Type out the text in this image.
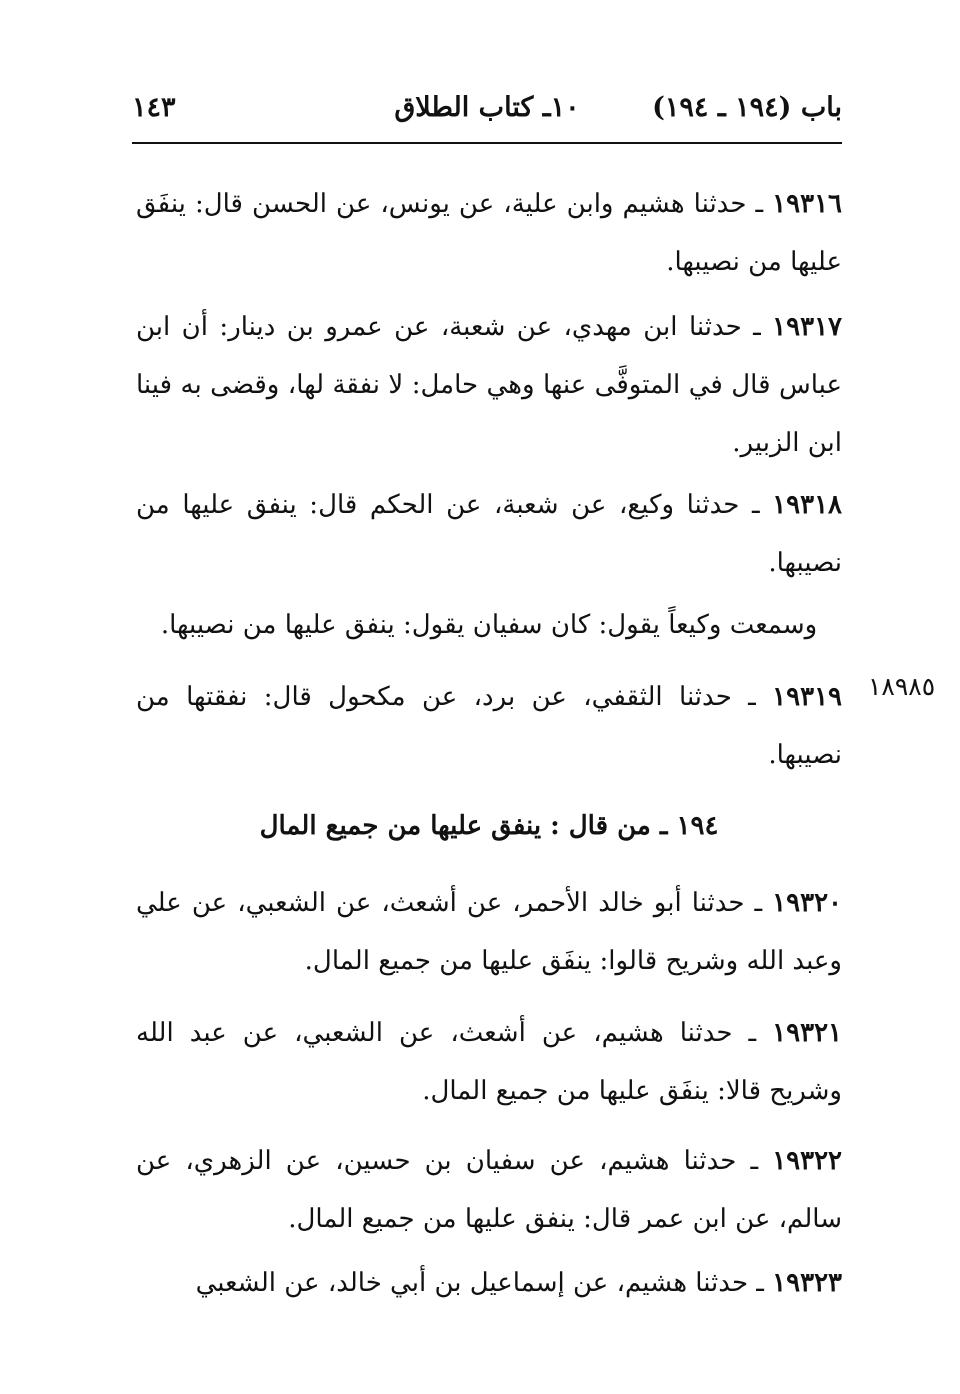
باب (١٩٤ ـ ١٩٤)
١٠ـ كتاب الطلاق
١٤٣
١٩٣١٦ ـ حدثنا هشيم وابن علية، عن يونس، عن الحسن قال: ينفَق عليها من نصيبها.
١٩٣١٧ ـ حدثنا ابن مهدي، عن شعبة، عن عمرو بن دينار: أن ابن عباس قال في المتوفَّى عنها وهي حامل: لا نفقة لها، وقضى به فينا ابن الزبير.
١٩٣١٨ ـ حدثنا وكيع، عن شعبة، عن الحكم قال: ينفق عليها من نصيبها.
وسمعت وكيعاً يقول: كان سفيان يقول: ينفق عليها من نصيبها.
١٨٩٨٥
١٩٣١٩ ـ حدثنا الثقفي، عن برد، عن مكحول قال: نفقتها من نصيبها.
١٩٤ ـ من قال : ينفق عليها من جميع المال
١٩٣٢٠ ـ حدثنا أبو خالد الأحمر، عن أشعث، عن الشعبي، عن علي وعبد الله وشريح قالوا: ينفَق عليها من جميع المال.
١٩٣٢١ ـ حدثنا هشيم، عن أشعث، عن الشعبي، عن عبد الله وشريح قالا: ينفَق عليها من جميع المال.
١٩٣٢٢ ـ حدثنا هشيم، عن سفيان بن حسين، عن الزهري، عن سالم، عن ابن عمر قال: ينفق عليها من جميع المال.
١٩٣٢٣ ـ حدثنا هشيم، عن إسماعيل بن أبي خالد، عن الشعبي
